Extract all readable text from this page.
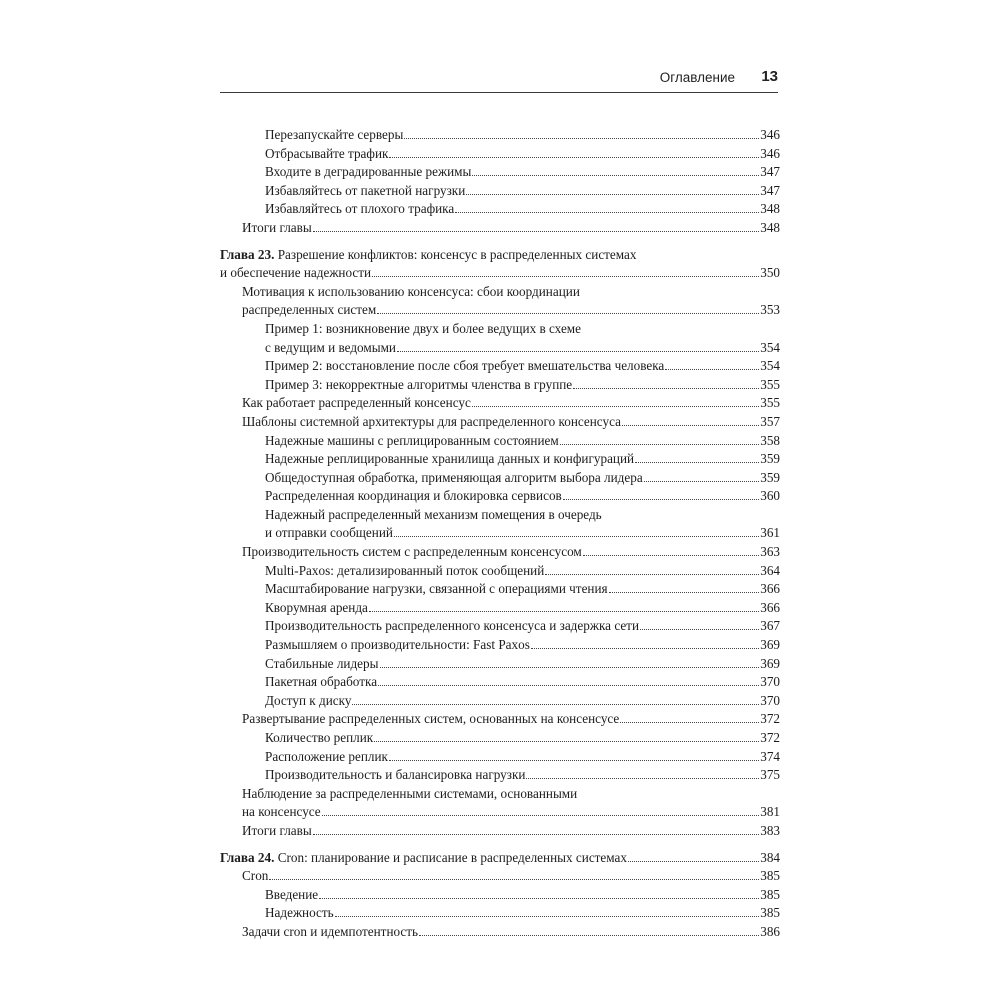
Оглавление 13
Перезапускайте серверы	346
Отбрасывайте трафик	346
Входите в деградированные режимы	347
Избавляйтесь от пакетной нагрузки	347
Избавляйтесь от плохого трафика	348
Итоги главы	348
Глава 23. Разрешение конфликтов: консенсус в распределенных системах
и обеспечение надежности	350
Мотивация к использованию консенсуса: сбои координации
распределенных систем	353
Пример 1: возникновение двух и более ведущих в схеме
с ведущим и ведомыми	354
Пример 2: восстановление после сбоя требует вмешательства человека	354
Пример 3: некорректные алгоритмы членства в группе	355
Как работает распределенный консенсус	355
Шаблоны системной архитектуры для распределенного консенсуса	357
Надежные машины с реплицированным состоянием	358
Надежные реплицированные хранилища данных и конфигураций	359
Общедоступная обработка, применяющая алгоритм выбора лидера	359
Распределенная координация и блокировка сервисов	360
Надежный распределенный механизм помещения в очередь
и отправки сообщений	361
Производительность систем с распределенным консенсусом	363
Multi-Paxos: детализированный поток сообщений	364
Масштабирование нагрузки, связанной с операциями чтения	366
Кворумная аренда	366
Производительность распределенного консенсуса и задержка сети	367
Размышляем о производительности: Fast Paxos	369
Стабильные лидеры	369
Пакетная обработка	370
Доступ к диску	370
Развертывание распределенных систем, основанных на консенсусе	372
Количество реплик	372
Расположение реплик	374
Производительность и балансировка нагрузки	375
Наблюдение за распределенными системами, основанными
на консенсусе	381
Итоги главы	383
Глава 24. Cron: планирование и расписание в распределенных системах	384
Cron	385
Введение	385
Надежность	385
Задачи cron и идемпотентность	386
